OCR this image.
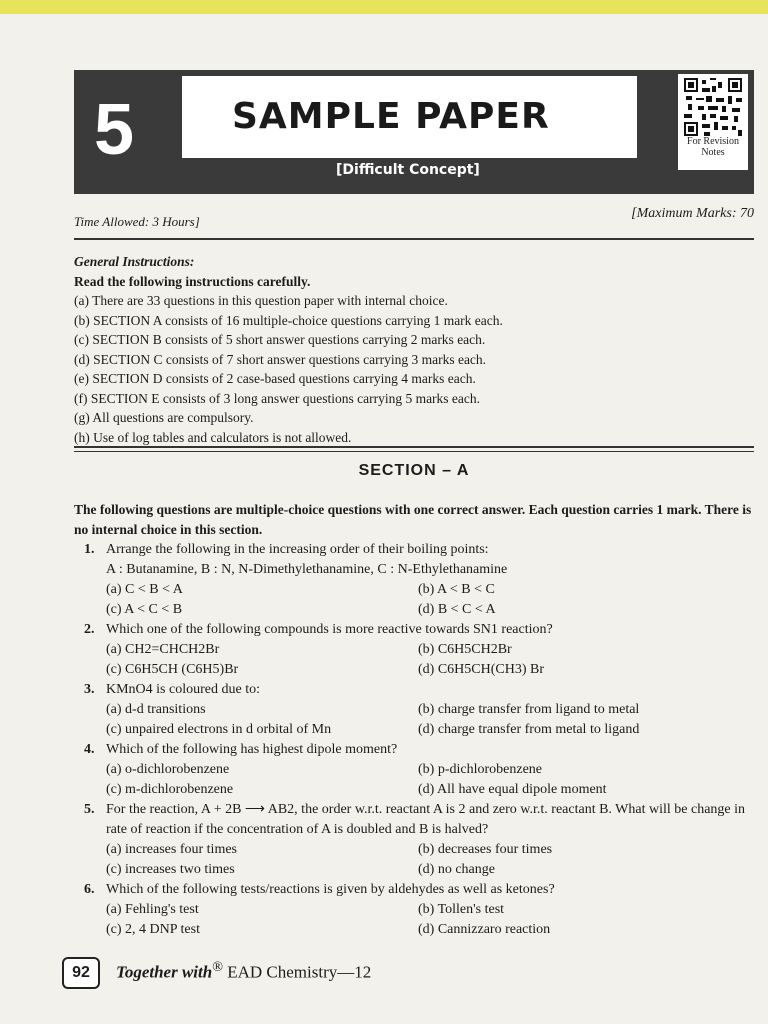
5	SAMPLE PAPER
[Difficult Concept]
For Revision Notes
Time Allowed: 3 Hours]
[Maximum Marks: 70
General Instructions:
Read the following instructions carefully.
(a) There are 33 questions in this question paper with internal choice.
(b) SECTION A consists of 16 multiple-choice questions carrying 1 mark each.
(c) SECTION B consists of 5 short answer questions carrying 2 marks each.
(d) SECTION C consists of 7 short answer questions carrying 3 marks each.
(e) SECTION D consists of 2 case-based questions carrying 4 marks each.
(f) SECTION E consists of 3 long answer questions carrying 5 marks each.
(g) All questions are compulsory.
(h) Use of log tables and calculators is not allowed.
SECTION – A
The following questions are multiple-choice questions with one correct answer. Each question carries 1 mark. There is no internal choice in this section.
1. Arrange the following in the increasing order of their boiling points:
A : Butanamine, B : N, N-Dimethylethanamine, C : N-Ethylethanamine
(a) C < B < A	(b) A < B < C
(c) A < C < B	(d) B < C < A
2. Which one of the following compounds is more reactive towards SN1 reaction?
(a) CH2=CHCH2Br	(b) C6H5CH2Br
(c) C6H5CH (C6H5)Br	(d) C6H5CH(CH3) Br
3. KMnO4 is coloured due to:
(a) d-d transitions	(b) charge transfer from ligand to metal
(c) unpaired electrons in d orbital of Mn	(d) charge transfer from metal to ligand
4. Which of the following has highest dipole moment?
(a) o-dichlorobenzene	(b) p-dichlorobenzene
(c) m-dichlorobenzene	(d) All have equal dipole moment
5. For the reaction, A + 2B ⟶ AB2, the order w.r.t. reactant A is 2 and zero w.r.t. reactant B. What will be change in rate of reaction if the concentration of A is doubled and B is halved?
(a) increases four times	(b) decreases four times
(c) increases two times	(d) no change
6. Which of the following tests/reactions is given by aldehydes as well as ketones?
(a) Fehling's test	(b) Tollen's test
(c) 2, 4 DNP test	(d) Cannizzaro reaction
92	Together with® EAD Chemistry—12
